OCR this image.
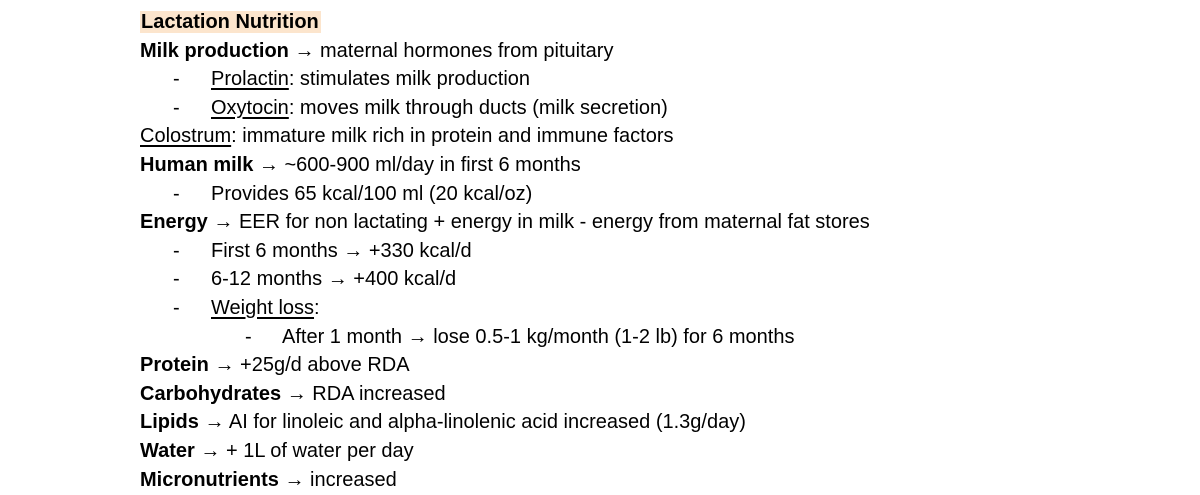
Lactation Nutrition
Milk production → maternal hormones from pituitary
- Prolactin: stimulates milk production
- Oxytocin: moves milk through ducts (milk secretion)
Colostrum: immature milk rich in protein and immune factors
Human milk → ~600-900 ml/day in first 6 months
- Provides 65 kcal/100 ml (20 kcal/oz)
Energy → EER for non lactating + energy in milk - energy from maternal fat stores
- First 6 months → +330 kcal/d
- 6-12 months → +400 kcal/d
- Weight loss:
- After 1 month → lose 0.5-1 kg/month (1-2 lb) for 6 months
Protein → +25g/d above RDA
Carbohydrates → RDA increased
Lipids → AI for linoleic and alpha-linolenic acid increased (1.3g/day)
Water → + 1L of water per day
Micronutrients → increased
